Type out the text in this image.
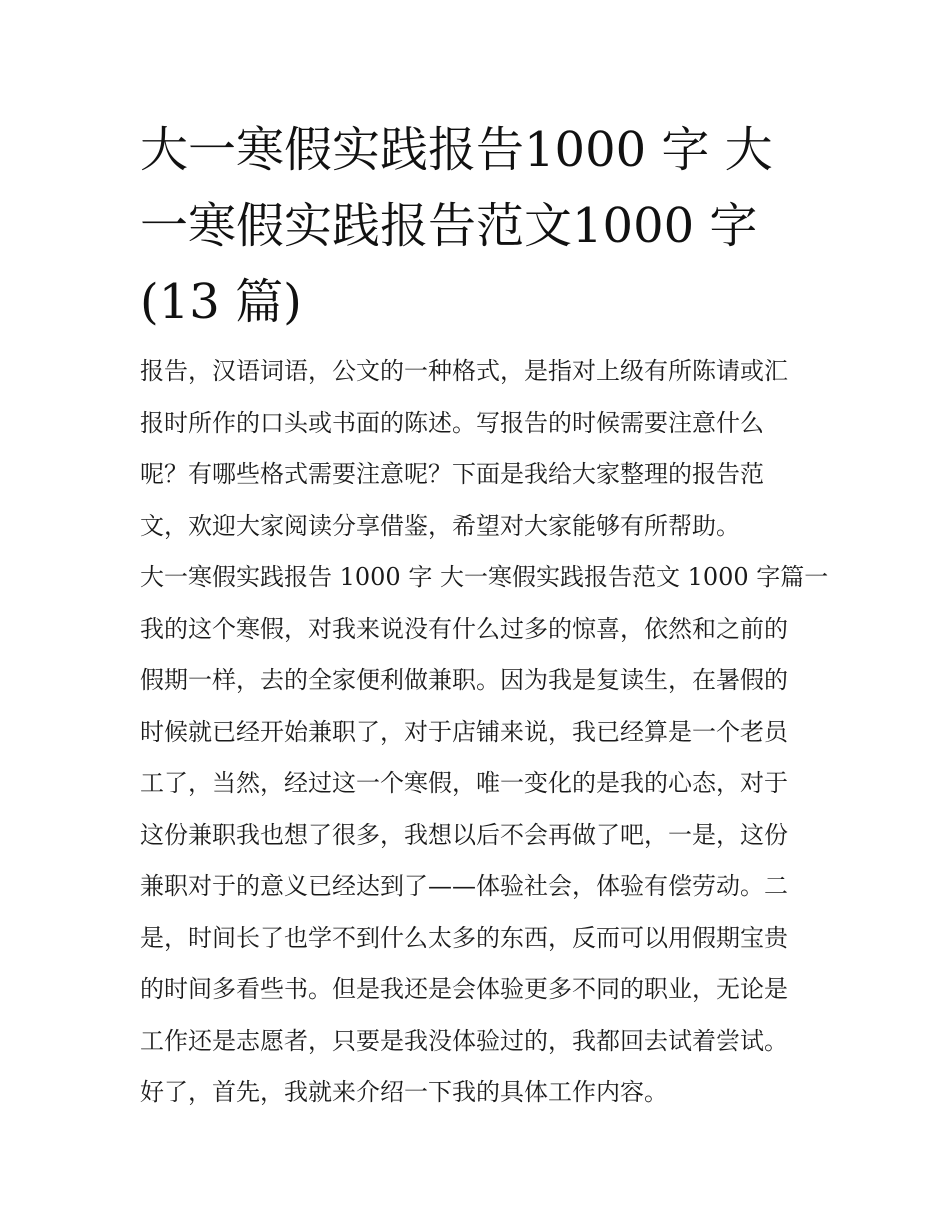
大一寒假实践报告1000 字 大
一寒假实践报告范文1000 字
(13 篇)

报告，汉语词语，公文的一种格式，是指对上级有所陈请或汇
报时所作的口头或书面的陈述。写报告的时候需要注意什么
呢？有哪些格式需要注意呢？下面是我给大家整理的报告范
文，欢迎大家阅读分享借鉴，希望对大家能够有所帮助。

大一寒假实践报告 1000 字 大一寒假实践报告范文 1000 字篇一
我的这个寒假，对我来说没有什么过多的惊喜，依然和之前的
假期一样，去的全家便利做兼职。因为我是复读生，在暑假的
时候就已经开始兼职了，对于店铺来说，我已经算是一个老员
工了，当然，经过这一个寒假，唯一变化的是我的心态，对于
这份兼职我也想了很多，我想以后不会再做了吧，一是，这份
兼职对于的意义已经达到了——体验社会，体验有偿劳动。二
是，时间长了也学不到什么太多的东西，反而可以用假期宝贵
的时间多看些书。但是我还是会体验更多不同的职业，无论是
工作还是志愿者，只要是我没体验过的，我都回去试着尝试。
好了，首先，我就来介绍一下我的具体工作内容。
